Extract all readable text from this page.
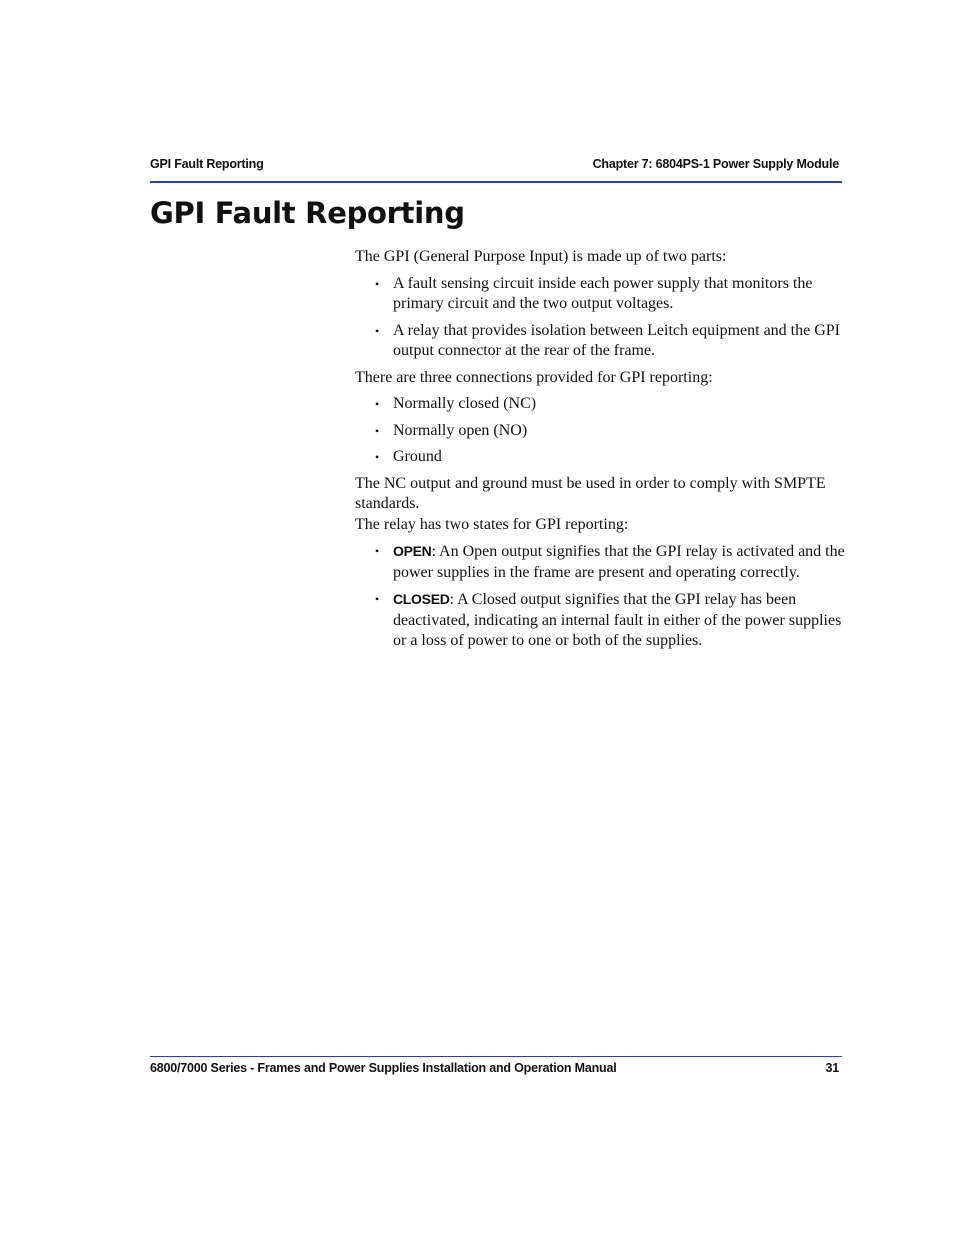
GPI Fault Reporting	Chapter 7: 6804PS-1 Power Supply Module
GPI Fault Reporting

The GPI (General Purpose Input) is made up of two parts:

• A fault sensing circuit inside each power supply that monitors the primary circuit and the two output voltages.
• A relay that provides isolation between Leitch equipment and the GPI output connector at the rear of the frame.

There are three connections provided for GPI reporting:

• Normally closed (NC)
• Normally open (NO)
• Ground

The NC output and ground must be used in order to comply with SMPTE standards.

The relay has two states for GPI reporting:

• OPEN: An Open output signifies that the GPI relay is activated and the power supplies in the frame are present and operating correctly.
• CLOSED: A Closed output signifies that the GPI relay has been deactivated, indicating an internal fault in either of the power supplies or a loss of power to one or both of the supplies.
6800/7000 Series - Frames and Power Supplies Installation and Operation Manual	31
